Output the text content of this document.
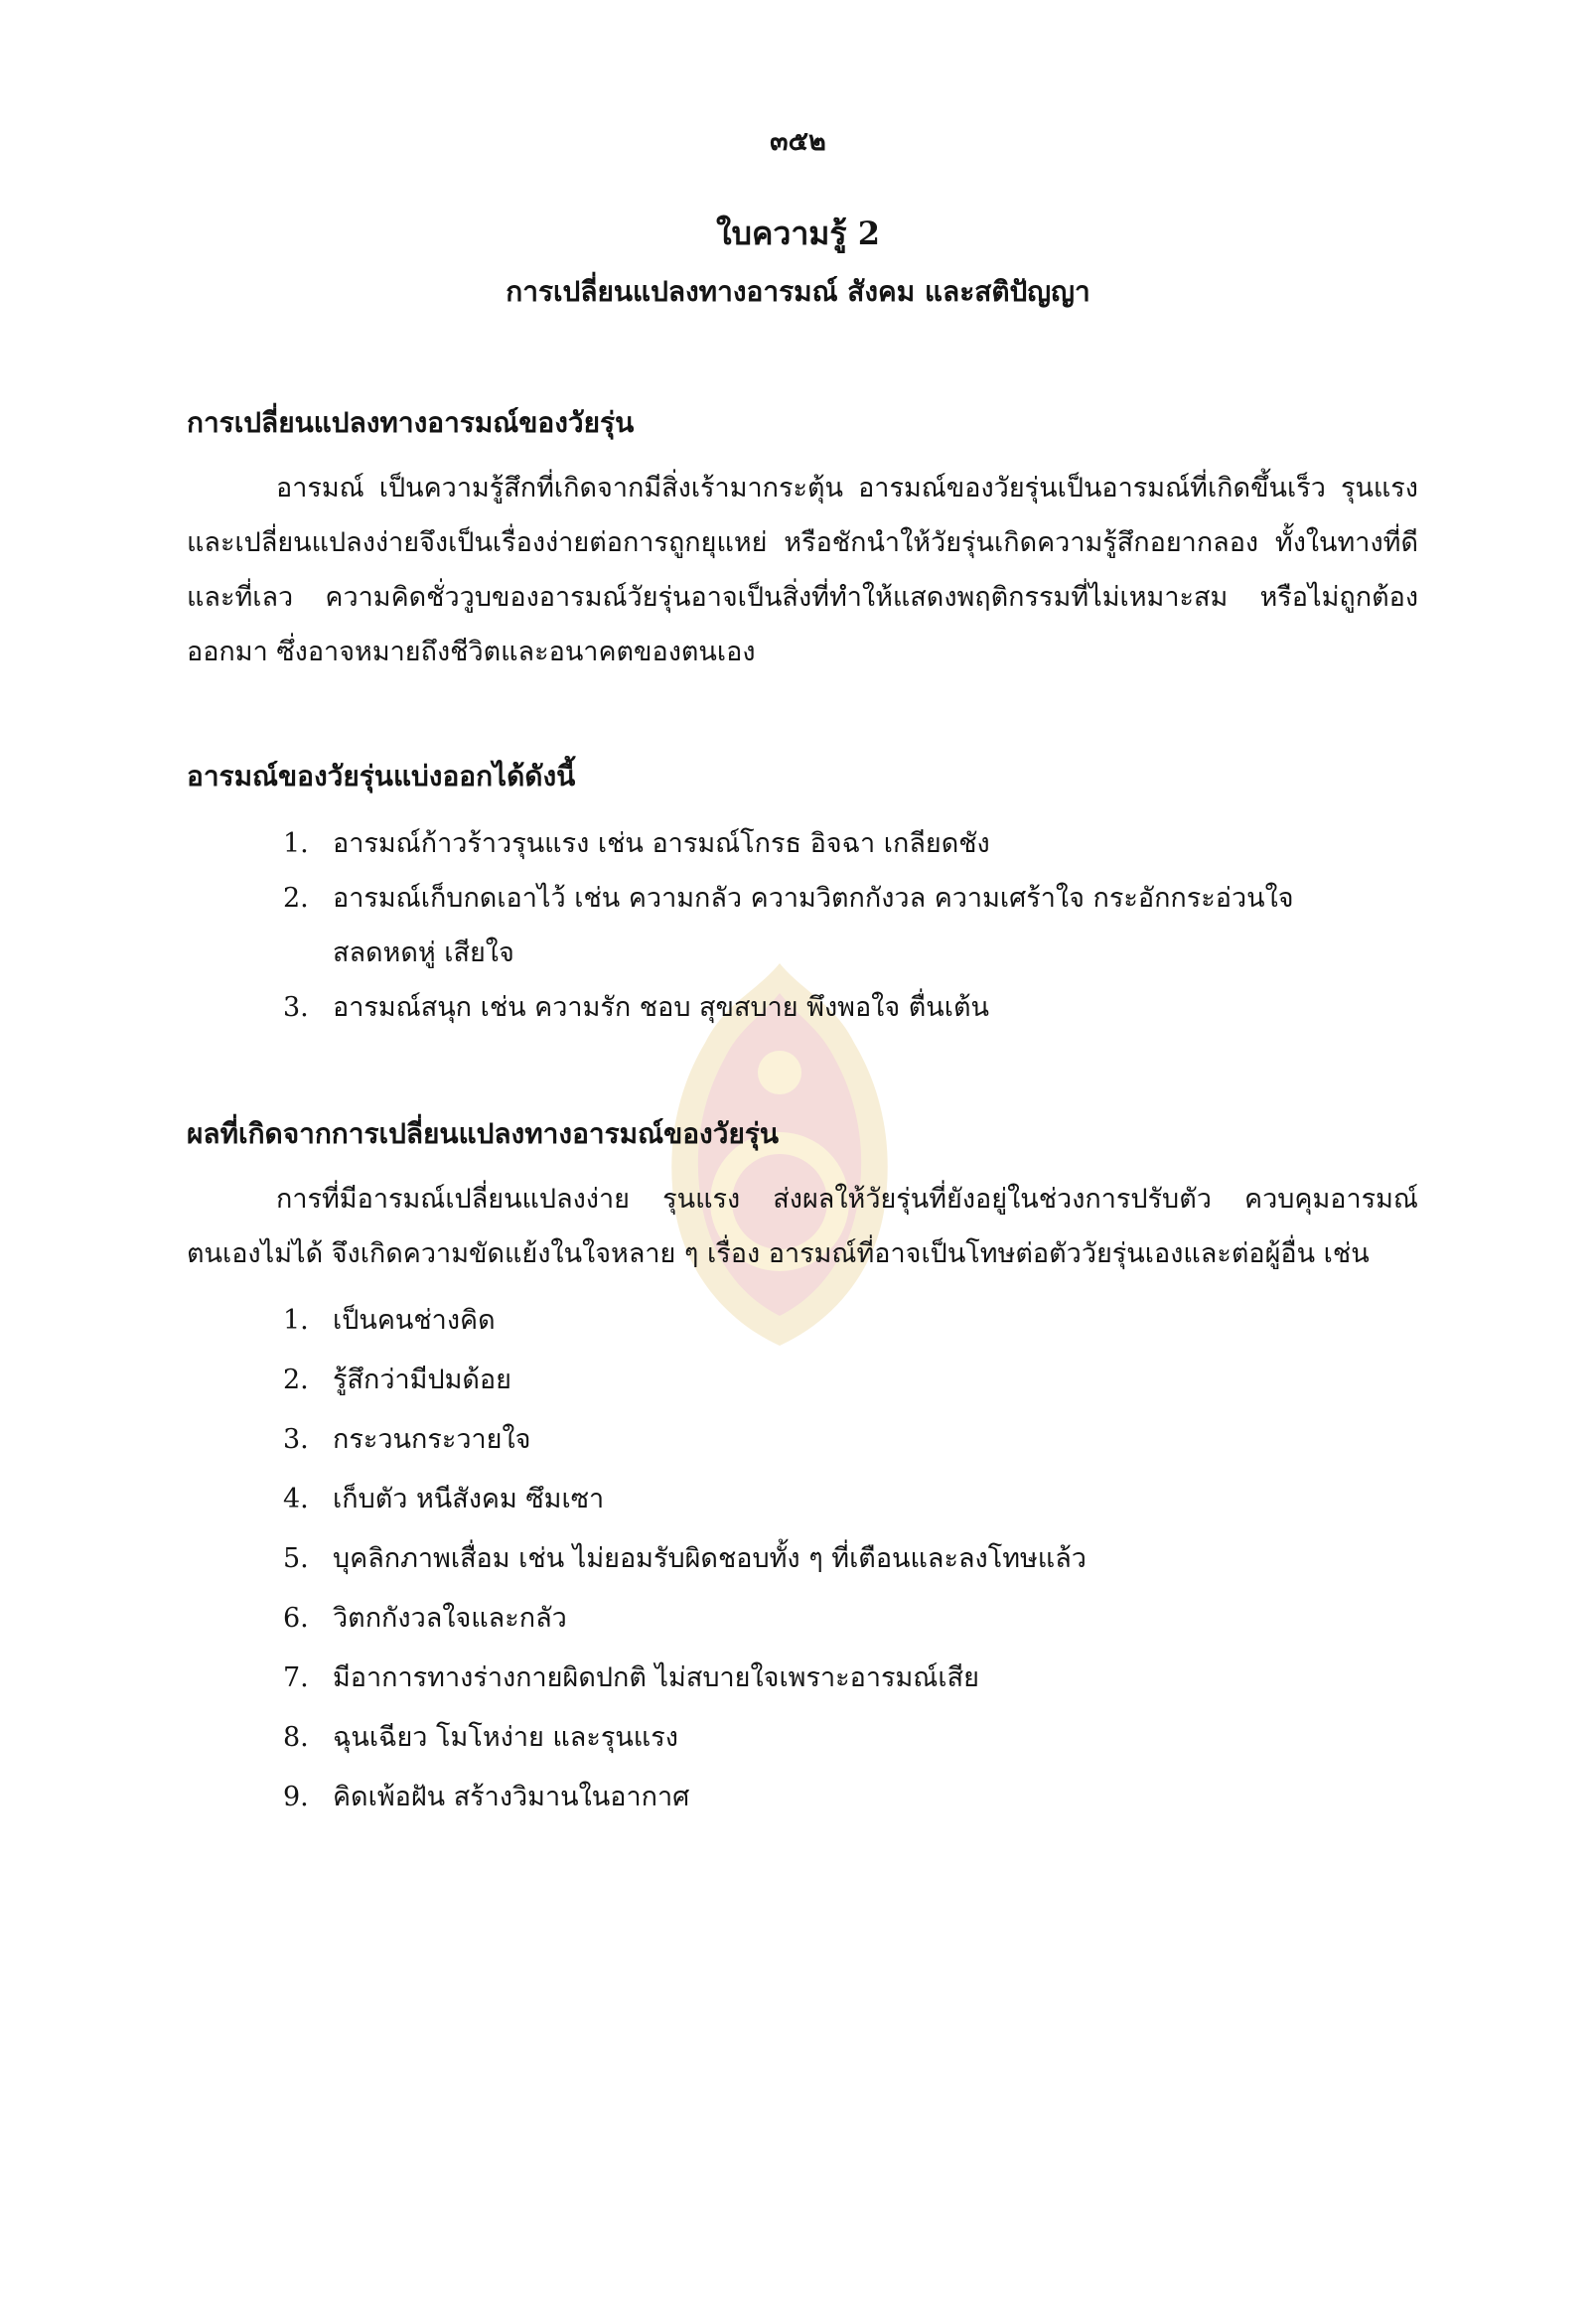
๓๕๒
ใบความรู้ 2
การเปลี่ยนแปลงทางอารมณ์ สังคม และสติปัญญา
การเปลี่ยนแปลงทางอารมณ์ของวัยรุ่น
อารมณ์ เป็นความรู้สึกที่เกิดจากมีสิ่งเร้ามากระตุ้น อารมณ์ของวัยรุ่นเป็นอารมณ์ที่เกิดขึ้นเร็ว รุนแรงและเปลี่ยนแปลงง่ายจึงเป็นเรื่องง่ายต่อการถูกยุแหย่ หรือชักนำให้วัยรุ่นเกิดความรู้สึกอยากลอง ทั้งในทางที่ดีและที่เลว ความคิดชั่ววูบของอารมณ์วัยรุ่นอาจเป็นสิ่งที่ทำให้แสดงพฤติกรรมที่ไม่เหมาะสม หรือไม่ถูกต้องออกมา ซึ่งอาจหมายถึงชีวิตและอนาคตของตนเอง
อารมณ์ของวัยรุ่นแบ่งออกได้ดังนี้
1. อารมณ์ก้าวร้าวรุนแรง เช่น อารมณ์โกรธ อิจฉา เกลียดชัง
2. อารมณ์เก็บกดเอาไว้ เช่น ความกลัว ความวิตกกังวล ความเศร้าใจ กระอักกระอ่วนใจ สลดหดหู่ เสียใจ
3. อารมณ์สนุก เช่น ความรัก ชอบ สุขสบาย พึงพอใจ ตื่นเต้น
ผลที่เกิดจากการเปลี่ยนแปลงทางอารมณ์ของวัยรุ่น
การที่มีอารมณ์เปลี่ยนแปลงง่าย รุนแรง ส่งผลให้วัยรุ่นที่ยังอยู่ในช่วงการปรับตัว ควบคุมอารมณ์ ตนเองไม่ได้ จึงเกิดความขัดแย้งในใจหลาย ๆ เรื่อง อารมณ์ที่อาจเป็นโทษต่อตัววัยรุ่นเองและต่อผู้อื่น เช่น
1. เป็นคนช่างคิด
2. รู้สึกว่ามีปมด้อย
3. กระวนกระวายใจ
4. เก็บตัว หนีสังคม ซึมเซา
5. บุคลิกภาพเสื่อม เช่น ไม่ยอมรับผิดชอบทั้ง ๆ ที่เตือนและลงโทษแล้ว
6. วิตกกังวลใจและกลัว
7. มีอาการทางร่างกายผิดปกติ ไม่สบายใจเพราะอารมณ์เสีย
8. ฉุนเฉียว โมโหง่าย และรุนแรง
9. คิดเพ้อฝัน สร้างวิมานในอากาศ
